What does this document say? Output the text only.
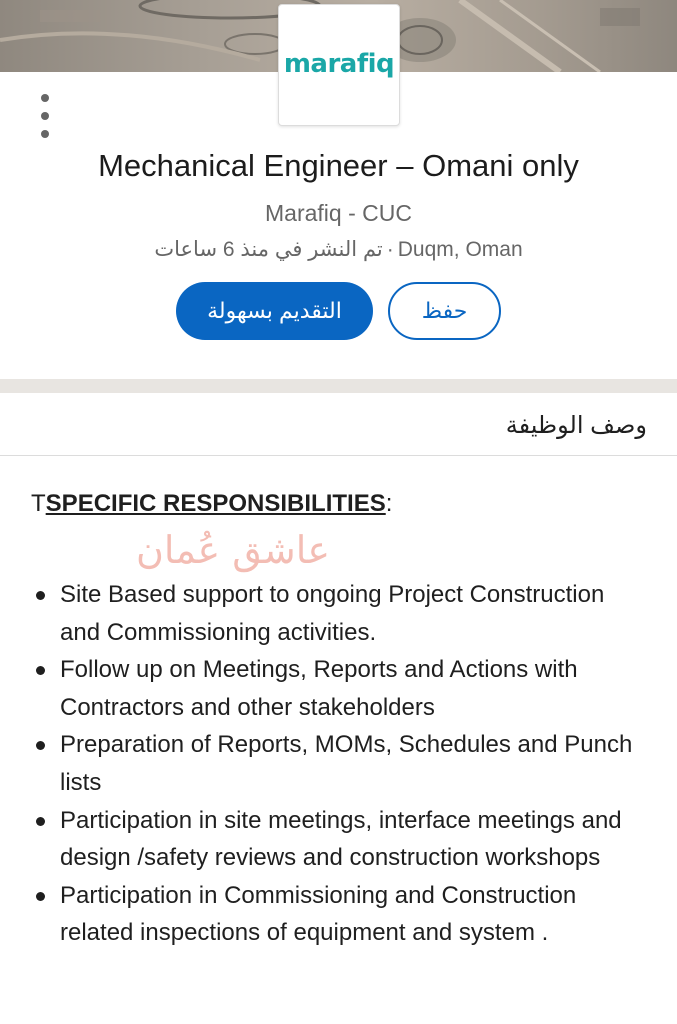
marafiq
Mechanical Engineer – Omani only
Marafiq - CUC
تم النشر في منذ 6 ساعات · Duqm, Oman
التقديم بسهولة	حفظ
وصف الوظيفة
TSPECIFIC RESPONSIBILITIES:
عاشق عُمان
Site Based support to ongoing Project Construction and Commissioning activities.
Follow up on Meetings, Reports and Actions with Contractors and other stakeholders
Preparation of Reports, MOMs, Schedules and Punch lists
Participation in site meetings, interface meetings and design /safety reviews and construction workshops
Participation in Commissioning and Construction related inspections of equipment and system .
